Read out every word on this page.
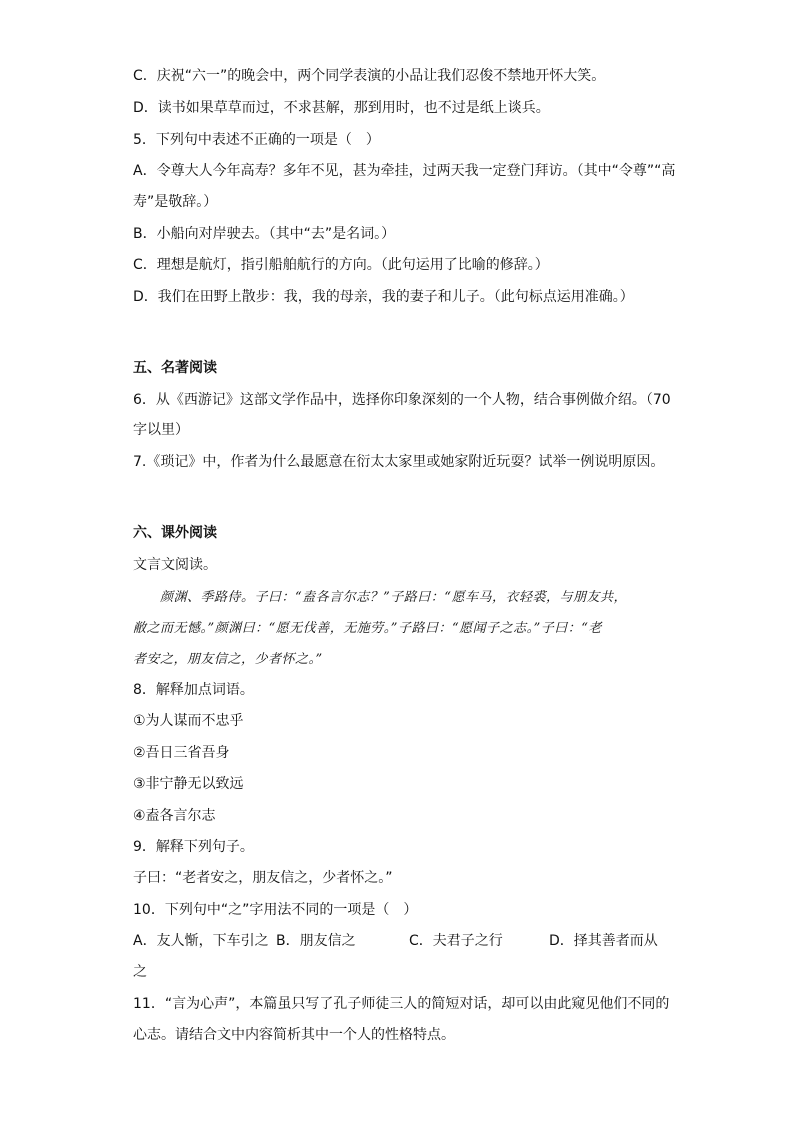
C．庆祝“六一”的晚会中，两个同学表演的小品让我们忍俊不禁地开怀大笑。
D．读书如果草草而过，不求甚解，那到用时，也不过是纸上谈兵。
5．下列句中表述不正确的一项是（　）
A．令尊大人今年高寿？多年不见，甚为牵挂，过两天我一定登门拜访。（其中“令尊”“高
寿”是敬辞。）
B．小船向对岸驶去。（其中“去”是名词。）
C．理想是航灯，指引船舶航行的方向。（此句运用了比喻的修辞。）
D．我们在田野上散步：我，我的母亲，我的妻子和儿子。（此句标点运用准确。）
五、名著阅读
6．从《西游记》这部文学作品中，选择你印象深刻的一个人物，结合事例做介绍。（70
字以里）
7.《琐记》中，作者为什么最愿意在衍太太家里或她家附近玩耍？试举一例说明原因。
六、课外阅读
文言文阅读。
颜渊、季路侍。子曰：“盍各言尔志？”子路曰：“愿车马，衣轻裘，与朋友共，
敝之而无憾。”颜渊曰：“愿无伐善，无施劳。”子路曰：“愿闻子之志。”子曰：“老
者安之，朋友信之，少者怀之。”
8．解释加点词语。
①为人谋而不忠乎
②吾日三省吾身
③非宁静无以致远
④盍各言尔志
9．解释下列句子。
子曰：“老者安之，朋友信之，少者怀之。”
10．下列句中“之”字用法不同的一项是（　）
A．友人惭，下车引之 B．朋友信之	C．夫君子之行	D．择其善者而从
之
11．“言为心声”，本篇虽只写了孔子师徒三人的简短对话，却可以由此窥见他们不同的
心志。请结合文中内容简析其中一个人的性格特点。
